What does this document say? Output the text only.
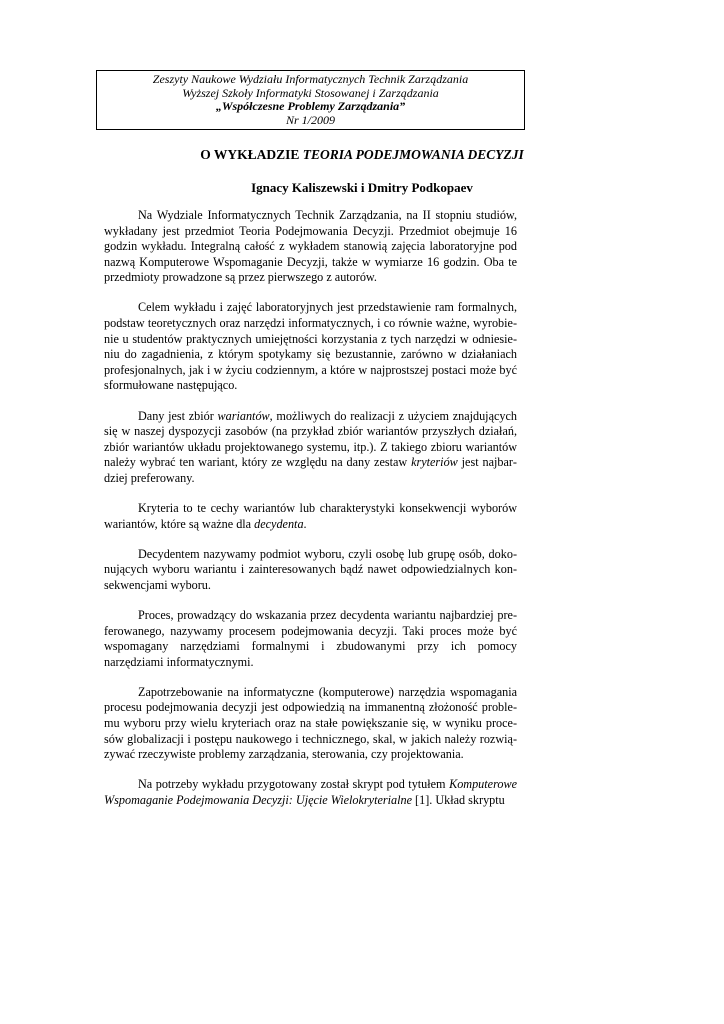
Zeszyty Naukowe Wydziału Informatycznych Technik Zarządzania
Wyższej Szkoły Informatyki Stosowanej i Zarządzania
„Współczesne Problemy Zarządzania”
Nr 1/2009
O WYKŁADZIE TEORIA PODEJMOWANIA DECYZJI
Ignacy Kaliszewski i Dmitry Podkopaev

Na Wydziale Informatycznych Technik Zarządzania, na II stopniu studiów, wykładany jest przedmiot Teoria Podejmowania Decyzji. Przedmiot obejmuje 16 godzin wykładu. Integralną całość z wykładem stanowią zajęcia laboratoryjne pod nazwą Komputerowe Wspomaganie Decyzji, także w wymiarze 16 godzin. Oba te przedmioty prowadzone są przez pierwszego z autorów.

Celem wykładu i zajęć laboratoryjnych jest przedstawienie ram formalnych, podstaw teoretycznych oraz narzędzi informatycznych, i co równie ważne, wyrobienie u studentów praktycznych umiejętności korzystania z tych narzędzi w odniesieniu do zagadnienia, z którym spotykamy się bezustannie, zarówno w działaniach profesjonalnych, jak i w życiu codziennym, a które w najprostszej postaci może być sformułowane następująco.

Dany jest zbiór wariantów, możliwych do realizacji z użyciem znajdujących się w naszej dyspozycji zasobów (na przykład zbiór wariantów przyszłych działań, zbiór wariantów układu projektowanego systemu, itp.). Z takiego zbioru wariantów należy wybrać ten wariant, który ze względu na dany zestaw kryteriów jest najbardziej preferowany.

Kryteria to te cechy wariantów lub charakterystyki konsekwencji wyborów wariantów, które są ważne dla decydenta.

Decydentem nazywamy podmiot wyboru, czyli osobę lub grupę osób, dokonujących wyboru wariantu i zainteresowanych bądź nawet odpowiedzialnych konsekwencjami wyboru.

Proces, prowadzący do wskazania przez decydenta wariantu najbardziej preferowanego, nazywamy procesem podejmowania decyzji. Taki proces może być wspomagany narzędziami formalnymi i zbudowanymi przy ich pomocy narzędziami informatycznymi.

Zapotrzebowanie na informatyczne (komputerowe) narzędzia wspomagania procesu podejmowania decyzji jest odpowiedzią na immanentną złożoność problemu wyboru przy wielu kryteriach oraz na stałe powiększanie się, w wyniku procesów globalizacji i postępu naukowego i technicznego, skal, w jakich należy rozwiązywać rzeczywiste problemy zarządzania, sterowania, czy projektowania.

Na potrzeby wykładu przygotowany został skrypt pod tytułem Komputerowe Wspomaganie Podejmowania Decyzji: Ujęcie Wielokryterialne [1]. Układ skryptu
